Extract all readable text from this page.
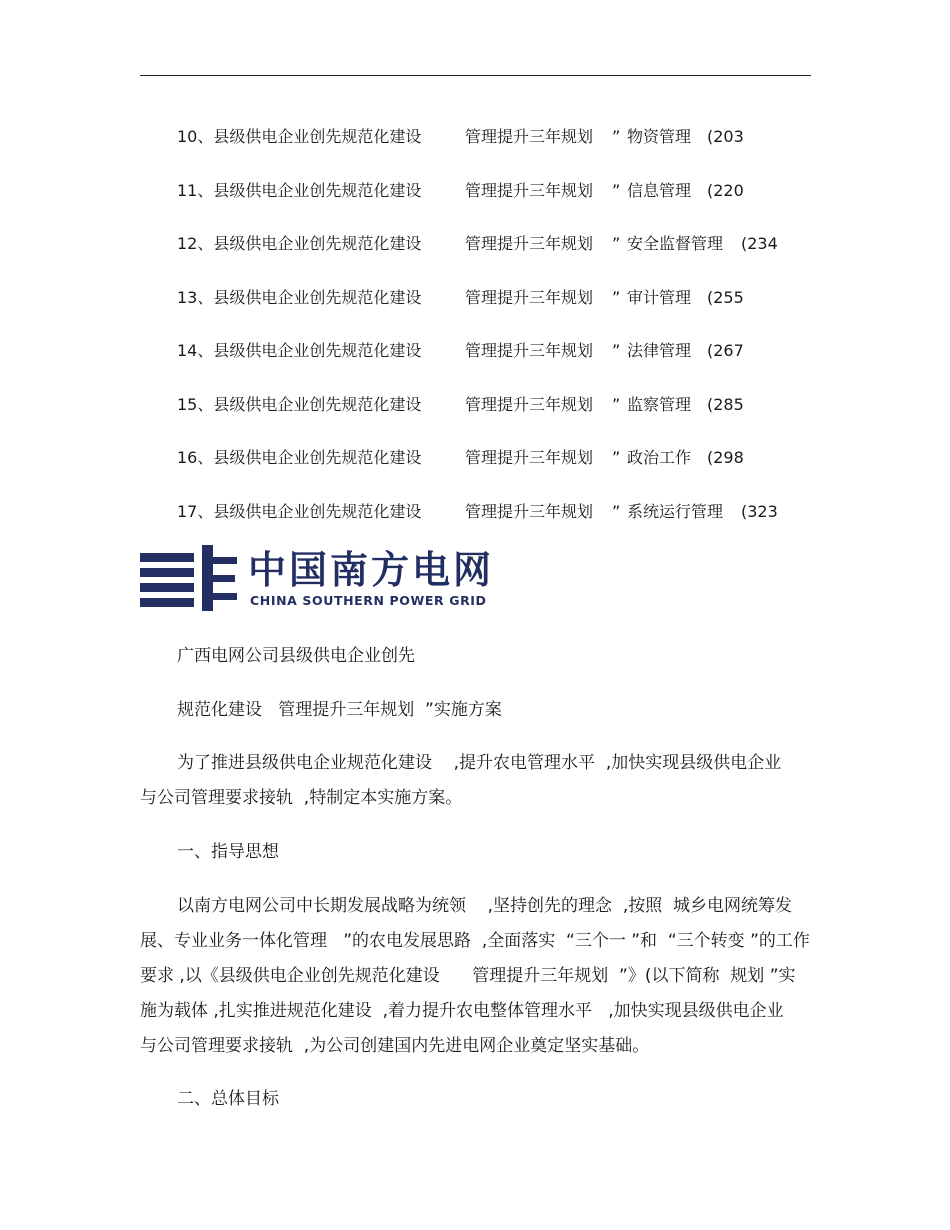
10、县级供电企业创先规范化建设	管理提升三年规划 ” 物资管理 (203
11、县级供电企业创先规范化建设	管理提升三年规划 ” 信息管理 (220
12、县级供电企业创先规范化建设	管理提升三年规划 ” 安全监督管理 (234
13、县级供电企业创先规范化建设	管理提升三年规划 ” 审计管理 (255
14、县级供电企业创先规范化建设	管理提升三年规划 ” 法律管理 (267
15、县级供电企业创先规范化建设	管理提升三年规划 ” 监察管理 (285
16、县级供电企业创先规范化建设	管理提升三年规划 ” 政治工作 (298
17、县级供电企业创先规范化建设	管理提升三年规划 ” 系统运行管理 (323
中国南方电网
CHINA SOUTHERN POWER GRID
广西电网公司县级供电企业创先
规范化建设   管理提升三年规划  ”实施方案
为了推进县级供电企业规范化建设    ,提升农电管理水平  ,加快实现县级供电企业
与公司管理要求接轨  ,特制定本实施方案。
一、指导思想
以南方电网公司中长期发展战略为统领    ,坚持创先的理念  ,按照  城乡电网统筹发
展、专业业务一体化管理   ”的农电发展思路  ,全面落实  “三个一 ”和  “三个转变 ”的工作
要求 ,以《县级供电企业创先规范化建设      管理提升三年规划  ”》(以下简称  规划 ”实
施为载体 ,扎实推进规范化建设  ,着力提升农电整体管理水平   ,加快实现县级供电企业
与公司管理要求接轨  ,为公司创建国内先进电网企业奠定坚实基础。
二、总体目标
